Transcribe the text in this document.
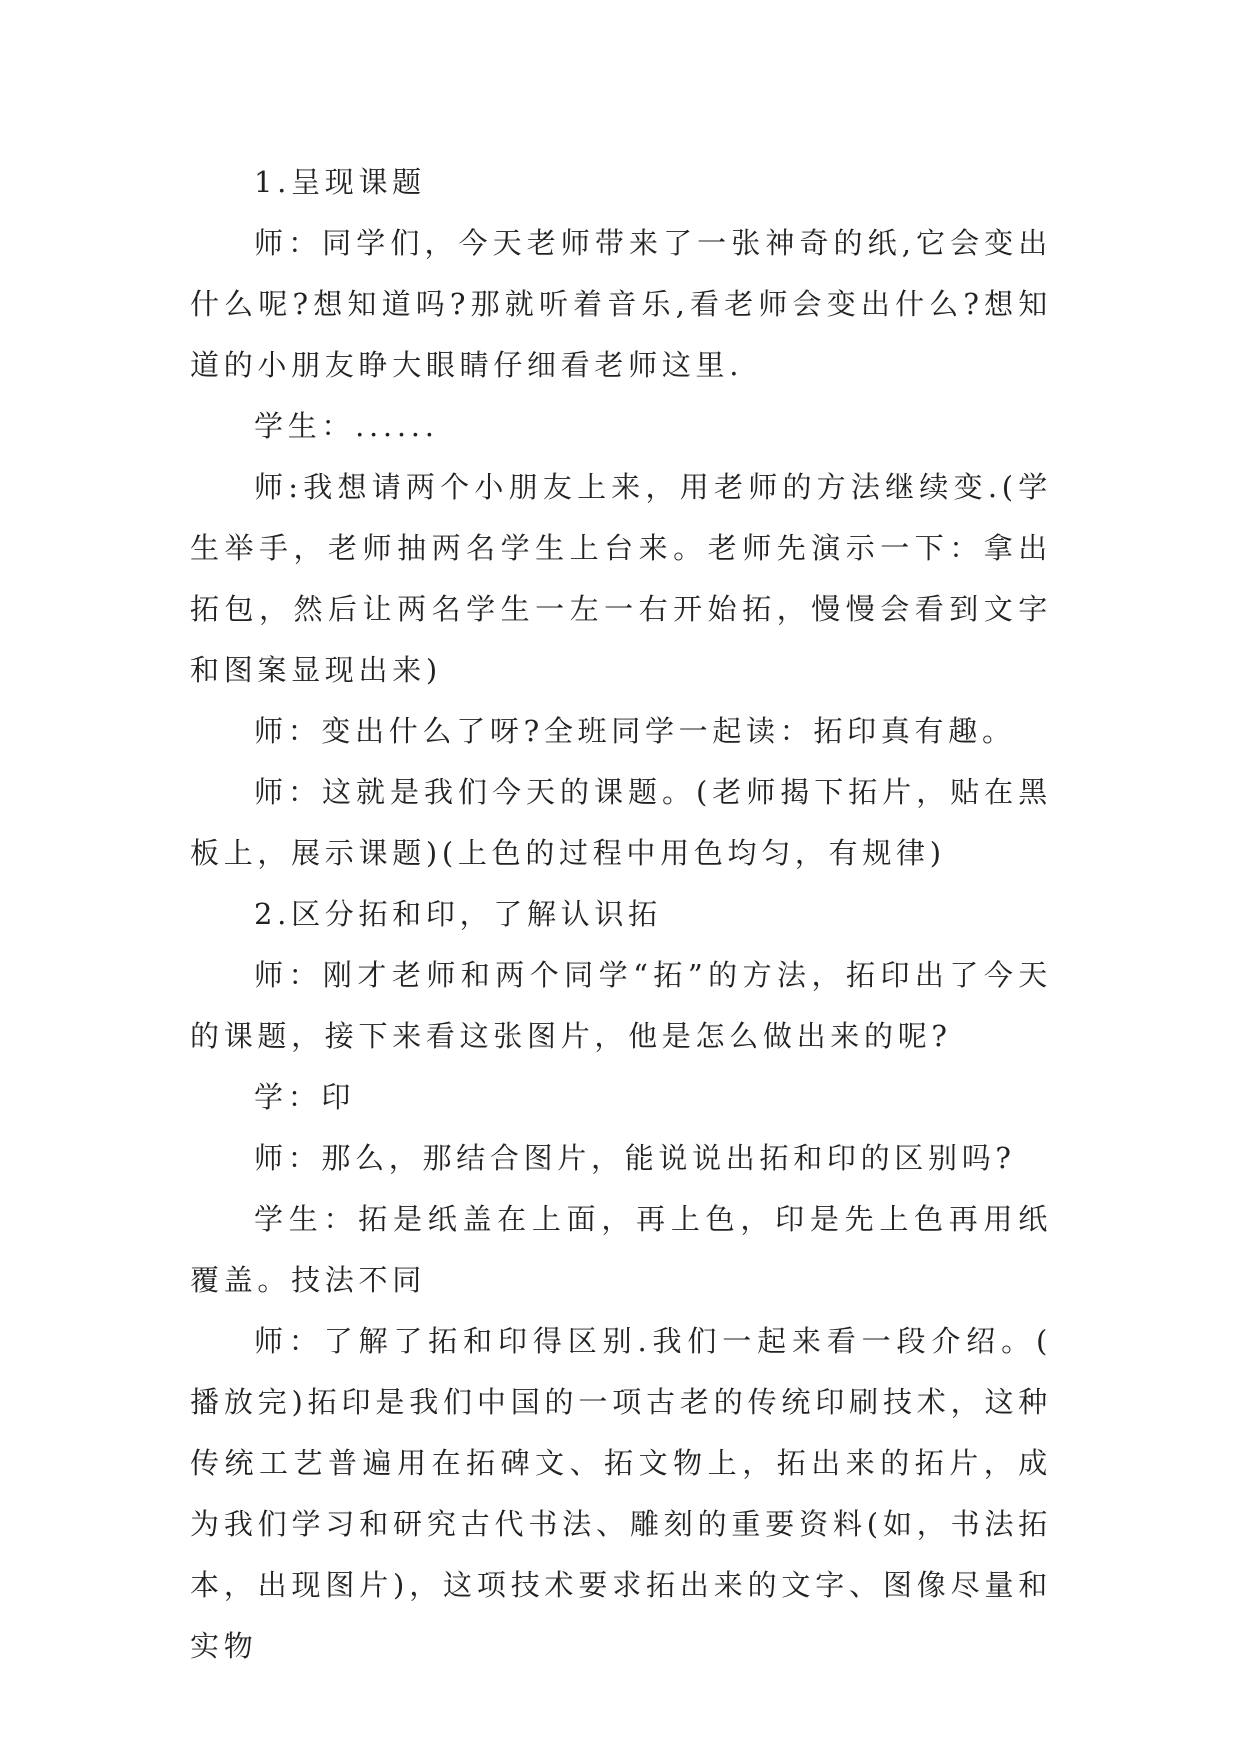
1.呈现课题

师：同学们，今天老师带来了一张神奇的纸,它会变出什么呢?想知道吗?那就听着音乐,看老师会变出什么?想知道的小朋友睁大眼睛仔细看老师这里.

学生：......

师:我想请两个小朋友上来，用老师的方法继续变.(学生举手，老师抽两名学生上台来。老师先演示一下：拿出拓包，然后让两名学生一左一右开始拓，慢慢会看到文字和图案显现出来)

师：变出什么了呀?全班同学一起读：拓印真有趣。

师：这就是我们今天的课题。(老师揭下拓片，贴在黑板上，展示课题)(上色的过程中用色均匀，有规律)

2.区分拓和印，了解认识拓

师：刚才老师和两个同学“拓”的方法，拓印出了今天的课题，接下来看这张图片，他是怎么做出来的呢?

学：印

师：那么，那结合图片，能说说出拓和印的区别吗?

学生：拓是纸盖在上面，再上色，印是先上色再用纸覆盖。技法不同

师：了解了拓和印得区别.我们一起来看一段介绍。(播放完)拓印是我们中国的一项古老的传统印刷技术，这种传统工艺普遍用在拓碑文、拓文物上，拓出来的拓片，成为我们学习和研究古代书法、雕刻的重要资料(如，书法拓本，出现图片)，这项技术要求拓出来的文字、图像尽量和实物
